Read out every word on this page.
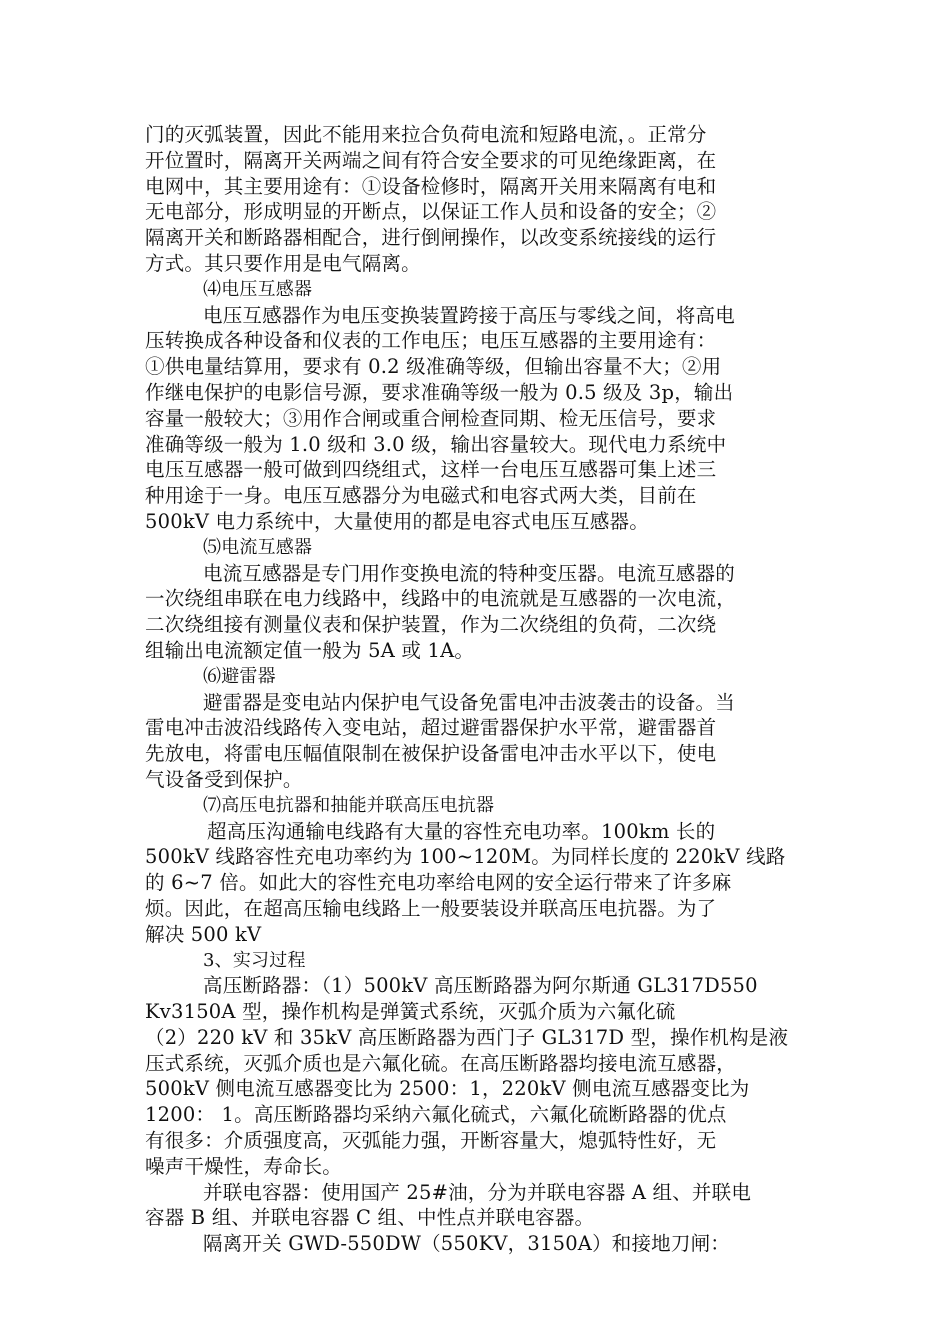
门的灭弧装置，因此不能用来拉合负荷电流和短路电流，。正常分
开位置时，隔离开关两端之间有符合安全要求的可见绝缘距离，在
电网中，其主要用途有：①设备检修时，隔离开关用来隔离有电和
无电部分，形成明显的开断点，以保证工作人员和设备的安全；②
隔离开关和断路器相配合，进行倒闸操作，以改变系统接线的运行
方式。其只要作用是电气隔离。
⑷电压互感器
电压互感器作为电压变换装置跨接于高压与零线之间，将高电
压转换成各种设备和仪表的工作电压；电压互感器的主要用途有：
①供电量结算用，要求有 0.2 级准确等级，但输出容量不大；②用
作继电保护的电影信号源，要求准确等级一般为 0.5 级及 3p，输出
容量一般较大；③用作合闸或重合闸检查同期、检无压信号，要求
准确等级一般为 1.0 级和 3.0 级，输出容量较大。现代电力系统中
电压互感器一般可做到四绕组式，这样一台电压互感器可集上述三
种用途于一身。电压互感器分为电磁式和电容式两大类，目前在
500kV 电力系统中，大量使用的都是电容式电压互感器。
⑸电流互感器
电流互感器是专门用作变换电流的特种变压器。电流互感器的
一次绕组串联在电力线路中，线路中的电流就是互感器的一次电流，
二次绕组接有测量仪表和保护装置，作为二次绕组的负荷，二次绕
组输出电流额定值一般为 5A 或 1A。
⑹避雷器
避雷器是变电站内保护电气设备免雷电冲击波袭击的设备。当
雷电冲击波沿线路传入变电站，超过避雷器保护水平常，避雷器首
先放电，将雷电压幅值限制在被保护设备雷电冲击水平以下，使电
气设备受到保护。
⑺高压电抗器和抽能并联高压电抗器
超高压沟通输电线路有大量的容性充电功率。100km 长的
500kV 线路容性充电功率约为 100~120M。为同样长度的 220kV 线路
的 6~7 倍。如此大的容性充电功率给电网的安全运行带来了许多麻
烦。因此，在超高压输电线路上一般要装设并联高压电抗器。为了
解决 500 kV
3、实习过程
高压断路器：（1）500kV 高压断路器为阿尔斯通 GL317D550
Kv3150A 型，操作机构是弹簧式系统，灭弧介质为六氟化硫
（2）220 kV 和 35kV 高压断路器为西门子 GL317D 型，操作机构是液
压式系统，灭弧介质也是六氟化硫。在高压断路器均接电流互感器，
500kV 侧电流互感器变比为 2500：1，220kV 侧电流互感器变比为
1200： 1。高压断路器均采纳六氟化硫式，六氟化硫断路器的优点
有很多：介质强度高，灭弧能力强，开断容量大，熄弧特性好，无
噪声干燥性，寿命长。
并联电容器：使用国产 25#油，分为并联电容器 A 组、并联电
容器 B 组、并联电容器 C 组、中性点并联电容器。
隔离开关 GWD-550DW（550KV，3150A）和接地刀闸：
